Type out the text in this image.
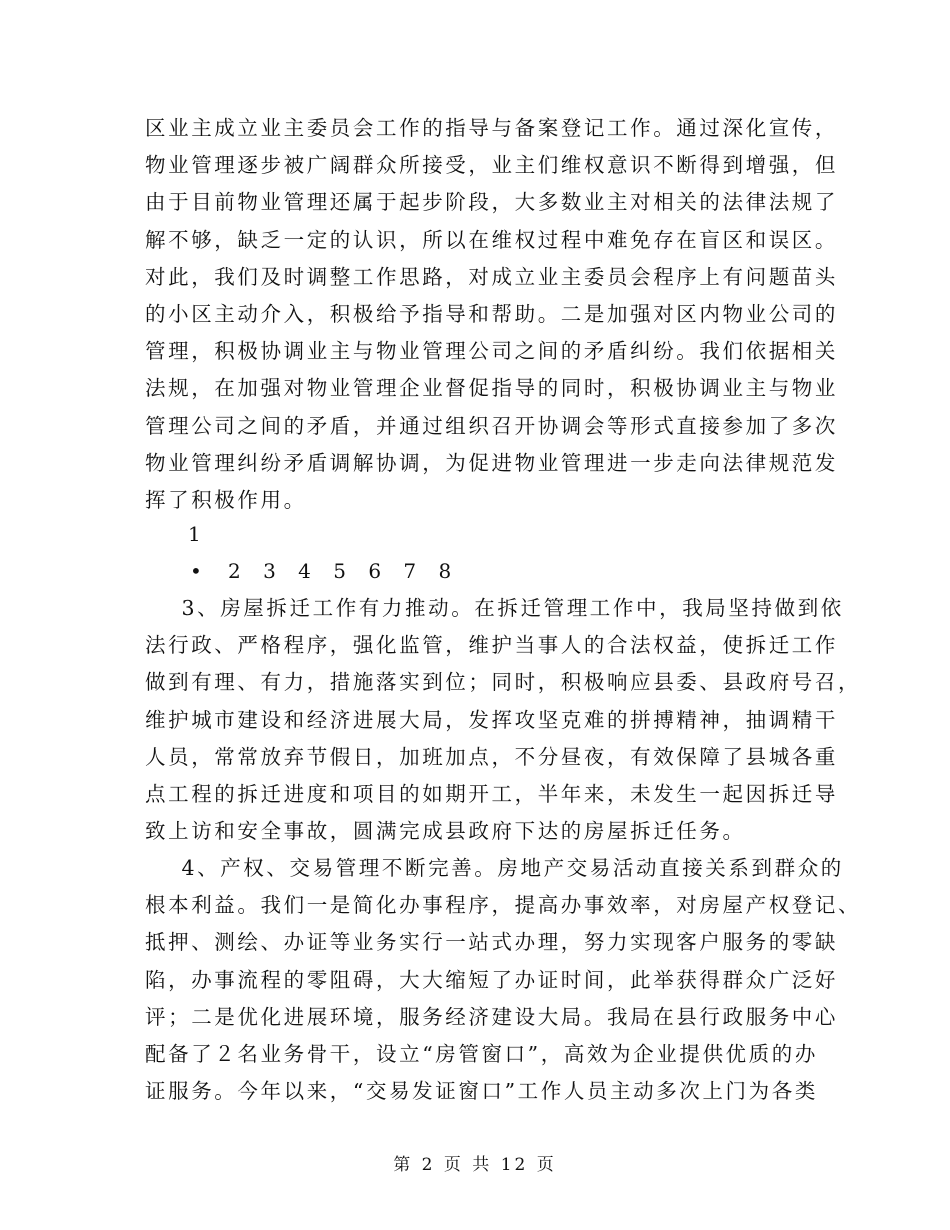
区业主成立业主委员会工作的指导与备案登记工作。通过深化宣传，
物业管理逐步被广阔群众所接受，业主们维权意识不断得到增强，但
由于目前物业管理还属于起步阶段，大多数业主对相关的法律法规了
解不够，缺乏一定的认识，所以在维权过程中难免存在盲区和误区。
对此，我们及时调整工作思路，对成立业主委员会程序上有问题苗头
的小区主动介入，积极给予指导和帮助。二是加强对区内物业公司的
管理，积极协调业主与物业管理公司之间的矛盾纠纷。我们依据相关
法规，在加强对物业管理企业督促指导的同时，积极协调业主与物业
管理公司之间的矛盾，并通过组织召开协调会等形式直接参加了多次
物业管理纠纷矛盾调解协调，为促进物业管理进一步走向法律规范发
挥了积极作用。
1
• 2 3 4 5 6 7 8
3、房屋拆迁工作有力推动。在拆迁管理工作中，我局坚持做到依
法行政、严格程序，强化监管，维护当事人的合法权益，使拆迁工作
做到有理、有力，措施落实到位；同时，积极响应县委、县政府号召，
维护城市建设和经济进展大局，发挥攻坚克难的拼搏精神，抽调精干
人员，常常放弃节假日，加班加点，不分昼夜，有效保障了县城各重
点工程的拆迁进度和项目的如期开工，半年来，未发生一起因拆迁导
致上访和安全事故，圆满完成县政府下达的房屋拆迁任务。
4、产权、交易管理不断完善。房地产交易活动直接关系到群众的
根本利益。我们一是简化办事程序，提高办事效率，对房屋产权登记、
抵押、测绘、办证等业务实行一站式办理，努力实现客户服务的零缺
陷，办事流程的零阻碍，大大缩短了办证时间，此举获得群众广泛好
评；二是优化进展环境，服务经济建设大局。我局在县行政服务中心
配备了２名业务骨干，设立“房管窗口”，高效为企业提供优质的办
证服务。今年以来，“交易发证窗口”工作人员主动多次上门为各类
第 2 页 共 12 页
